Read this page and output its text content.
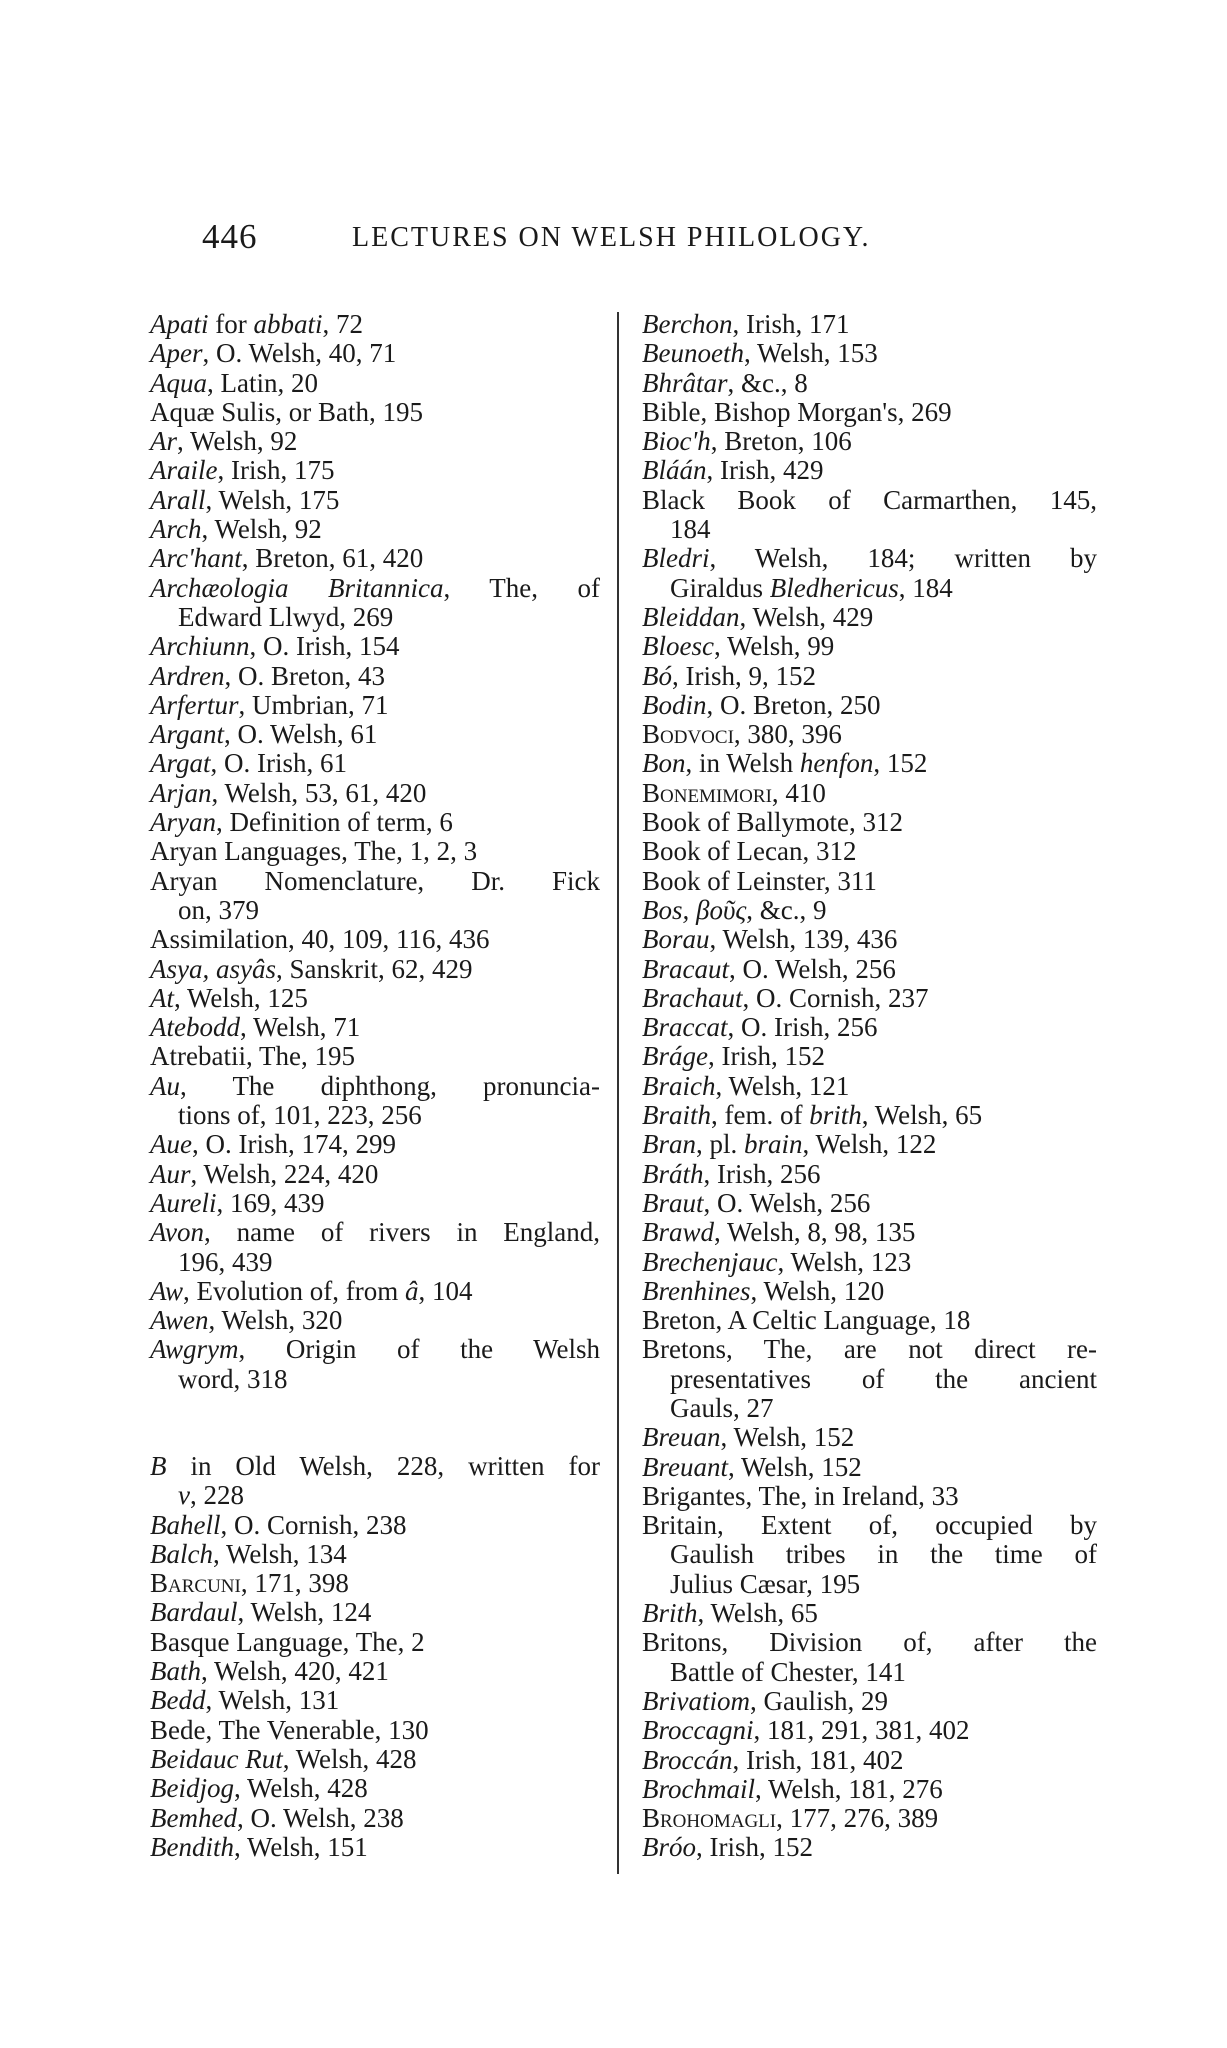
446	LECTURES ON WELSH PHILOLOGY.
Apati for abbati, 72
Aper, O. Welsh, 40, 71
Aqua, Latin, 20
Aquæ Sulis, or Bath, 195
Ar, Welsh, 92
Araile, Irish, 175
Arall, Welsh, 175
Arch, Welsh, 92
Arc'hant, Breton, 61, 420
Archæologia Britannica, The, of
Edward Llwyd, 269
Archiunn, O. Irish, 154
Ardren, O. Breton, 43
Arfertur, Umbrian, 71
Argant, O. Welsh, 61
Argat, O. Irish, 61
Arjan, Welsh, 53, 61, 420
Aryan, Definition of term, 6
Aryan Languages, The, 1, 2, 3
Aryan Nomenclature, Dr. Fick
on, 379
Assimilation, 40, 109, 116, 436
Asya, asyâs, Sanskrit, 62, 429
At, Welsh, 125
Atebodd, Welsh, 71
Atrebatii, The, 195
Au, The diphthong, pronuncia-
tions of, 101, 223, 256
Aue, O. Irish, 174, 299
Aur, Welsh, 224, 420
Aureli, 169, 439
Avon, name of rivers in England,
196, 439
Aw, Evolution of, from â, 104
Awen, Welsh, 320
Awgrym, Origin of the Welsh
word, 318
B in Old Welsh, 228, written for
v, 228
Bahell, O. Cornish, 238
Balch, Welsh, 134
Barcuni, 171, 398
Bardaul, Welsh, 124
Basque Language, The, 2
Bath, Welsh, 420, 421
Bedd, Welsh, 131
Bede, The Venerable, 130
Beidauc Rut, Welsh, 428
Beidjog, Welsh, 428
Bemhed, O. Welsh, 238
Bendith, Welsh, 151
Berchon, Irish, 171
Beunoeth, Welsh, 153
Bhrâtar, &c., 8
Bible, Bishop Morgan's, 269
Bioc'h, Breton, 106
Bláán, Irish, 429
Black Book of Carmarthen, 145,
184
Bledri, Welsh, 184; written by
Giraldus Bledhericus, 184
Bleiddan, Welsh, 429
Bloesc, Welsh, 99
Bó, Irish, 9, 152
Bodin, O. Breton, 250
Bodvoci, 380, 396
Bon, in Welsh henfon, 152
Bonemimori, 410
Book of Ballymote, 312
Book of Lecan, 312
Book of Leinster, 311
Bos, βοῦς, &c., 9
Borau, Welsh, 139, 436
Bracaut, O. Welsh, 256
Brachaut, O. Cornish, 237
Braccat, O. Irish, 256
Bráge, Irish, 152
Braich, Welsh, 121
Braith, fem. of brith, Welsh, 65
Bran, pl. brain, Welsh, 122
Bráth, Irish, 256
Braut, O. Welsh, 256
Brawd, Welsh, 8, 98, 135
Brechenjauc, Welsh, 123
Brenhines, Welsh, 120
Breton, A Celtic Language, 18
Bretons, The, are not direct re-
presentatives of the ancient
Gauls, 27
Breuan, Welsh, 152
Breuant, Welsh, 152
Brigantes, The, in Ireland, 33
Britain, Extent of, occupied by
Gaulish tribes in the time of
Julius Cæsar, 195
Brith, Welsh, 65
Britons, Division of, after the
Battle of Chester, 141
Brivatiom, Gaulish, 29
Broccagni, 181, 291, 381, 402
Broccán, Irish, 181, 402
Brochmail, Welsh, 181, 276
Brohomagli, 177, 276, 389
Bróo, Irish, 152
